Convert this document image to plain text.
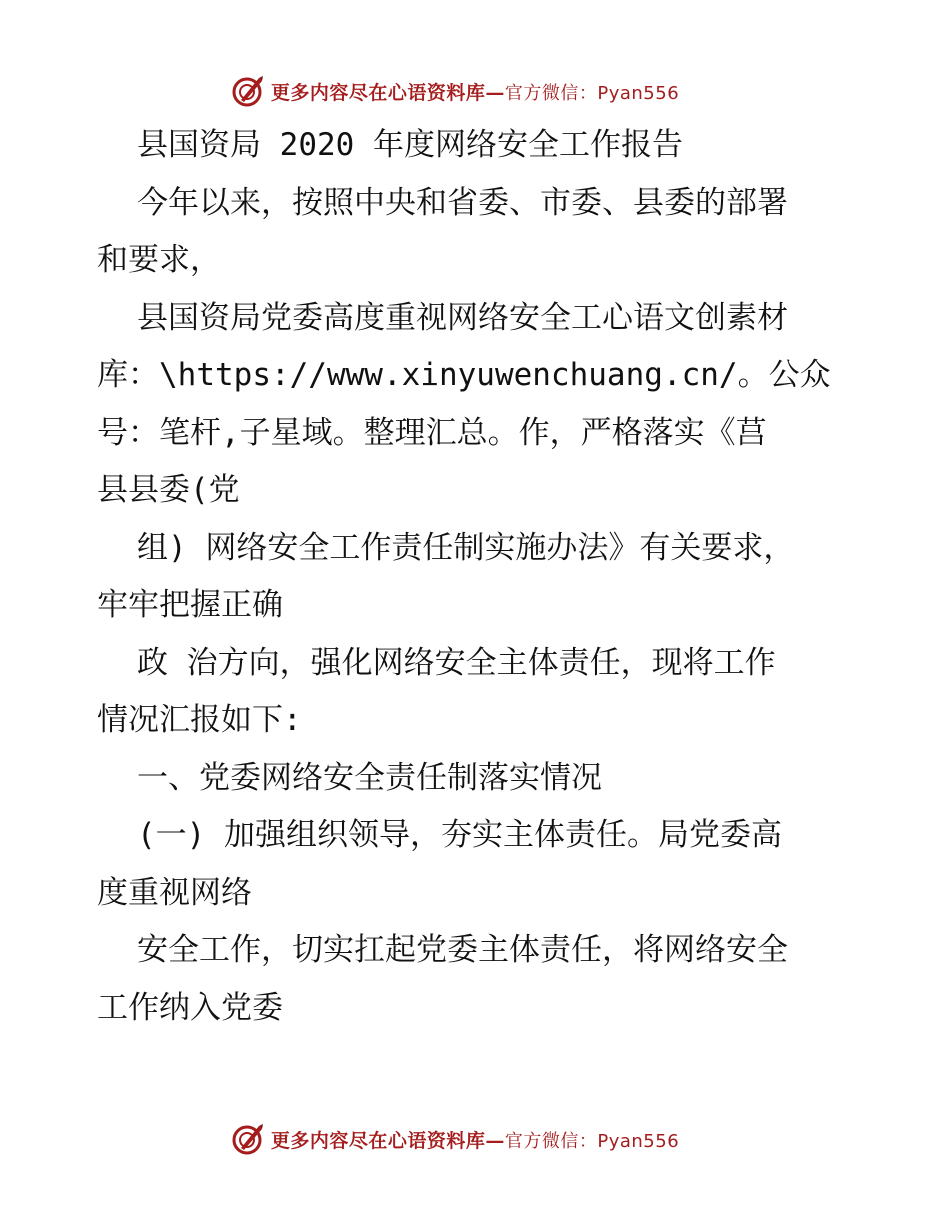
更多内容尽在心语资料库—官方微信：Pyan556
县国资局 2020 年度网络安全工作报告
今年以来，按照中央和省委、市委、县委的部署
和要求，
县国资局党委高度重视网络安全工心语文创素材
库：\https://www.xinyuwenchuang.cn/。公众
号：笔杆,子星域。整理汇总。作，严格落实《莒
县县委(党
组) 网络安全工作责任制实施办法》有关要求，
牢牢把握正确
政 治方向，强化网络安全主体责任，现将工作
情况汇报如下:
一、党委网络安全责任制落实情况
(一) 加强组织领导，夯实主体责任。局党委高
度重视网络
安全工作，切实扛起党委主体责任，将网络安全
工作纳入党委
更多内容尽在心语资料库—官方微信：Pyan556
